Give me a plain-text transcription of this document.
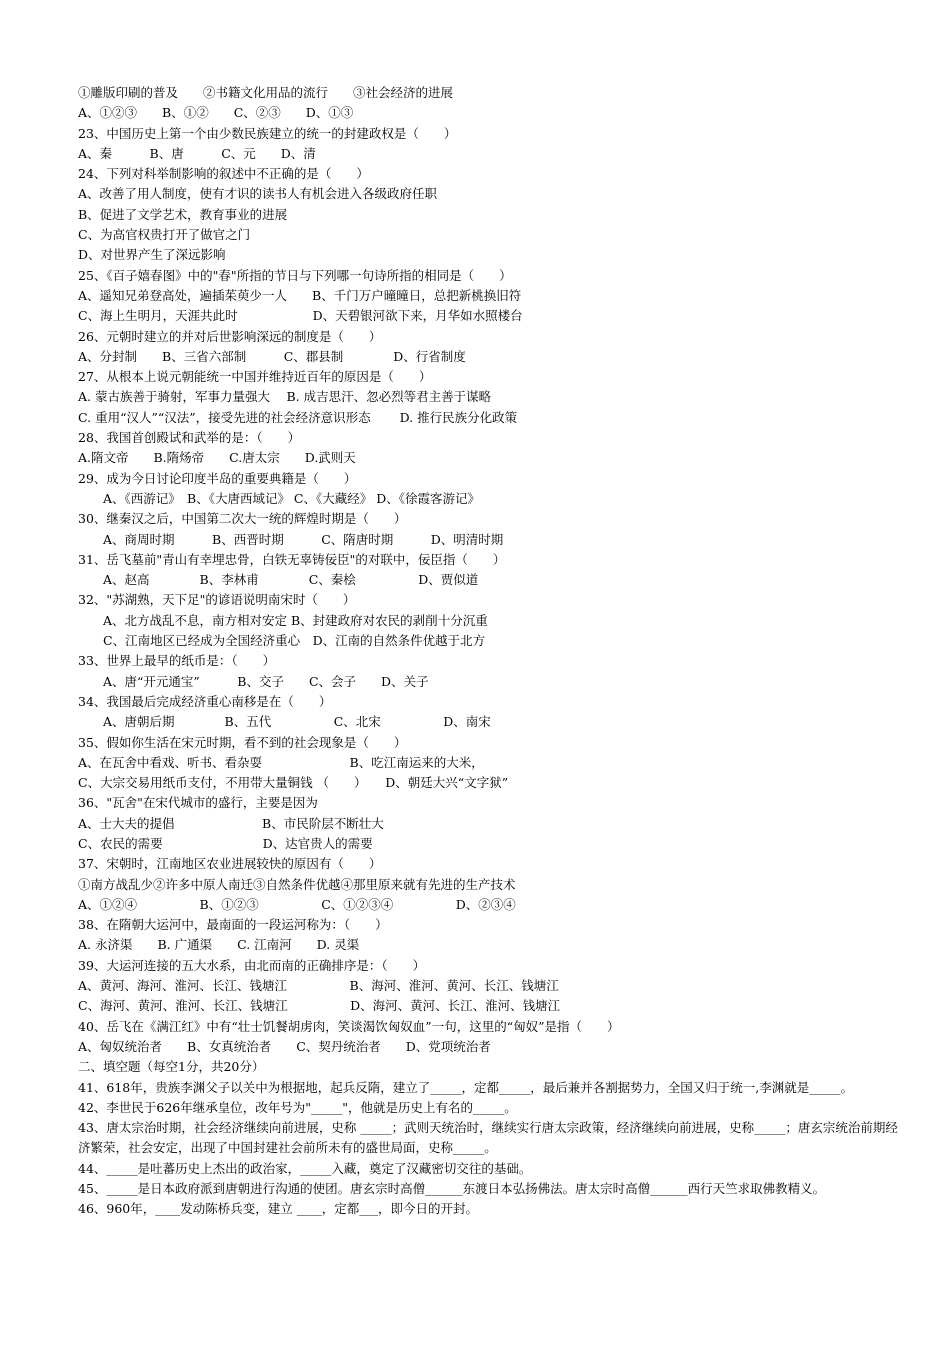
①雕版印刷的普及　　②书籍文化用品的流行　　③社会经济的进展
A、①②③　　B、①②　　C、②③　　D、①③
23、中国历史上第一个由少数民族建立的统一的封建政权是（　　）
A、秦　　　B、唐　　　C、元　　D、清
24、下列对科举制影响的叙述中不正确的是（　　）
A、改善了用人制度，使有才识的读书人有机会进入各级政府任职
B、促进了文学艺术，教育事业的进展
C、为高官权贵打开了做官之门
D、对世界产生了深远影响
25、《百子嬉春图》中的"春"所指的节日与下列哪一句诗所指的相同是（　　）
A、遥知兄弟登高处，遍插茱萸少一人　　B、千门万户曈曈日，总把新桃换旧符
C、海上生明月，天涯共此时　　　　　　D、天碧银河欲下来，月华如水照楼台
26、元朝时建立的并对后世影响深远的制度是（　　）
A、分封制　　B、三省六部制　　　C、郡县制　　　　D、行省制度
27、从根本上说元朝能统一中国并维持近百年的原因是（　　）
A. 蒙古族善于骑射，军事力量强大　 B. 成吉思汗、忽必烈等君主善于谋略
C. 重用“汉人”“汉法”，接受先进的社会经济意识形态　　 D. 推行民族分化政策
28、我国首创殿试和武举的是：（　　）
A.隋文帝　　B.隋炀帝　　C.唐太宗　　D.武则天
29、成为今日讨论印度半岛的重要典籍是（　　）
　　A、《西游记》　B、《大唐西域记》 C、《大藏经》 D、《徐霞客游记》
30、继秦汉之后，中国第二次大一统的辉煌时期是（　　）
　　A、商周时期　　　B、西晋时期　　　C、隋唐时期　　　D、明清时期
31、岳飞墓前"青山有幸埋忠骨，白铁无辜铸佞臣"的对联中，佞臣指（　　）
　　A、赵高　　　　B、李林甫　　　　C、秦桧　　　　　D、贾似道
32、"苏湖熟，天下足"的谚语说明南宋时（　　）
　　A、北方战乱不息，南方相对安定 B、封建政府对农民的剥削十分沉重
　　C、江南地区已经成为全国经济重心　D、江南的自然条件优越于北方
33、世界上最早的纸币是：（　　）
　　A、唐“开元通宝”　　　B、交子　　C、会子　　D、关子
34、我国最后完成经济重心南移是在（　　）
　　A、唐朝后期　　　　B、五代　　　　　C、北宋　　　　　D、南宋
35、假如你生活在宋元时期，看不到的社会现象是（　　）
A、在瓦舍中看戏、听书、看杂耍　　　　　　　B、吃江南运来的大米，
C、大宗交易用纸币支付，不用带大量铜钱 （　　）　　D、朝廷大兴“文字狱”
36、"瓦舍"在宋代城市的盛行，主要是因为
A、士大夫的提倡　　　　　　　B、市民阶层不断壮大
C、农民的需要　　　　　　　　D、达官贵人的需要
37、宋朝时，江南地区农业进展较快的原因有（　　）
①南方战乱少②许多中原人南迁③自然条件优越④那里原来就有先进的生产技术
A、①②④　　　　　B、①②③　　　　　C、①②③④　　　　　D、②③④
38、在隋朝大运河中，最南面的一段运河称为：（　　）
A. 永济渠　　B. 广通渠　　C. 江南河　　D. 灵渠
39、大运河连接的五大水系，由北而南的正确排序是：（　　）
A、黄河、海河、淮河、长江、钱塘江　　　　　B、海河、淮河、黄河、长江、钱塘江
C、海河、黄河、淮河、长江、钱塘江　　　　　D、海河、黄河、长江、淮河、钱塘江
40、岳飞在《满江红》中有“壮士饥餐胡虏肉，笑谈渴饮匈奴血”一句，这里的“匈奴”是指（　　）
A、匈奴统治者　　B、女真统治者　　C、契丹统治者　　D、党项统治者
二、填空题（每空1分，共20分）
41、618年，贵族李渊父子以关中为根据地，起兵反隋，建立了_____，定都_____，最后兼并各割据势力，全国又归于统一,李渊就是_____。
42、李世民于626年继承皇位，改年号为"_____"，他就是历史上有名的_____。
43、唐太宗治时期，社会经济继续向前进展，史称 _____；武则天统治时，继续实行唐太宗政策，经济继续向前进展，史称_____；唐玄宗统治前期经济繁荣，社会安定，出现了中国封建社会前所未有的盛世局面，史称_____。
44、_____是吐蕃历史上杰出的政治家，_____入藏，奠定了汉藏密切交往的基础。
45、_____是日本政府派到唐朝进行沟通的使团。唐玄宗时高僧______东渡日本弘扬佛法。唐太宗时高僧______西行天竺求取佛教精义。
46、960年，____发动陈桥兵变，建立 ____，定都___，即今日的开封。
